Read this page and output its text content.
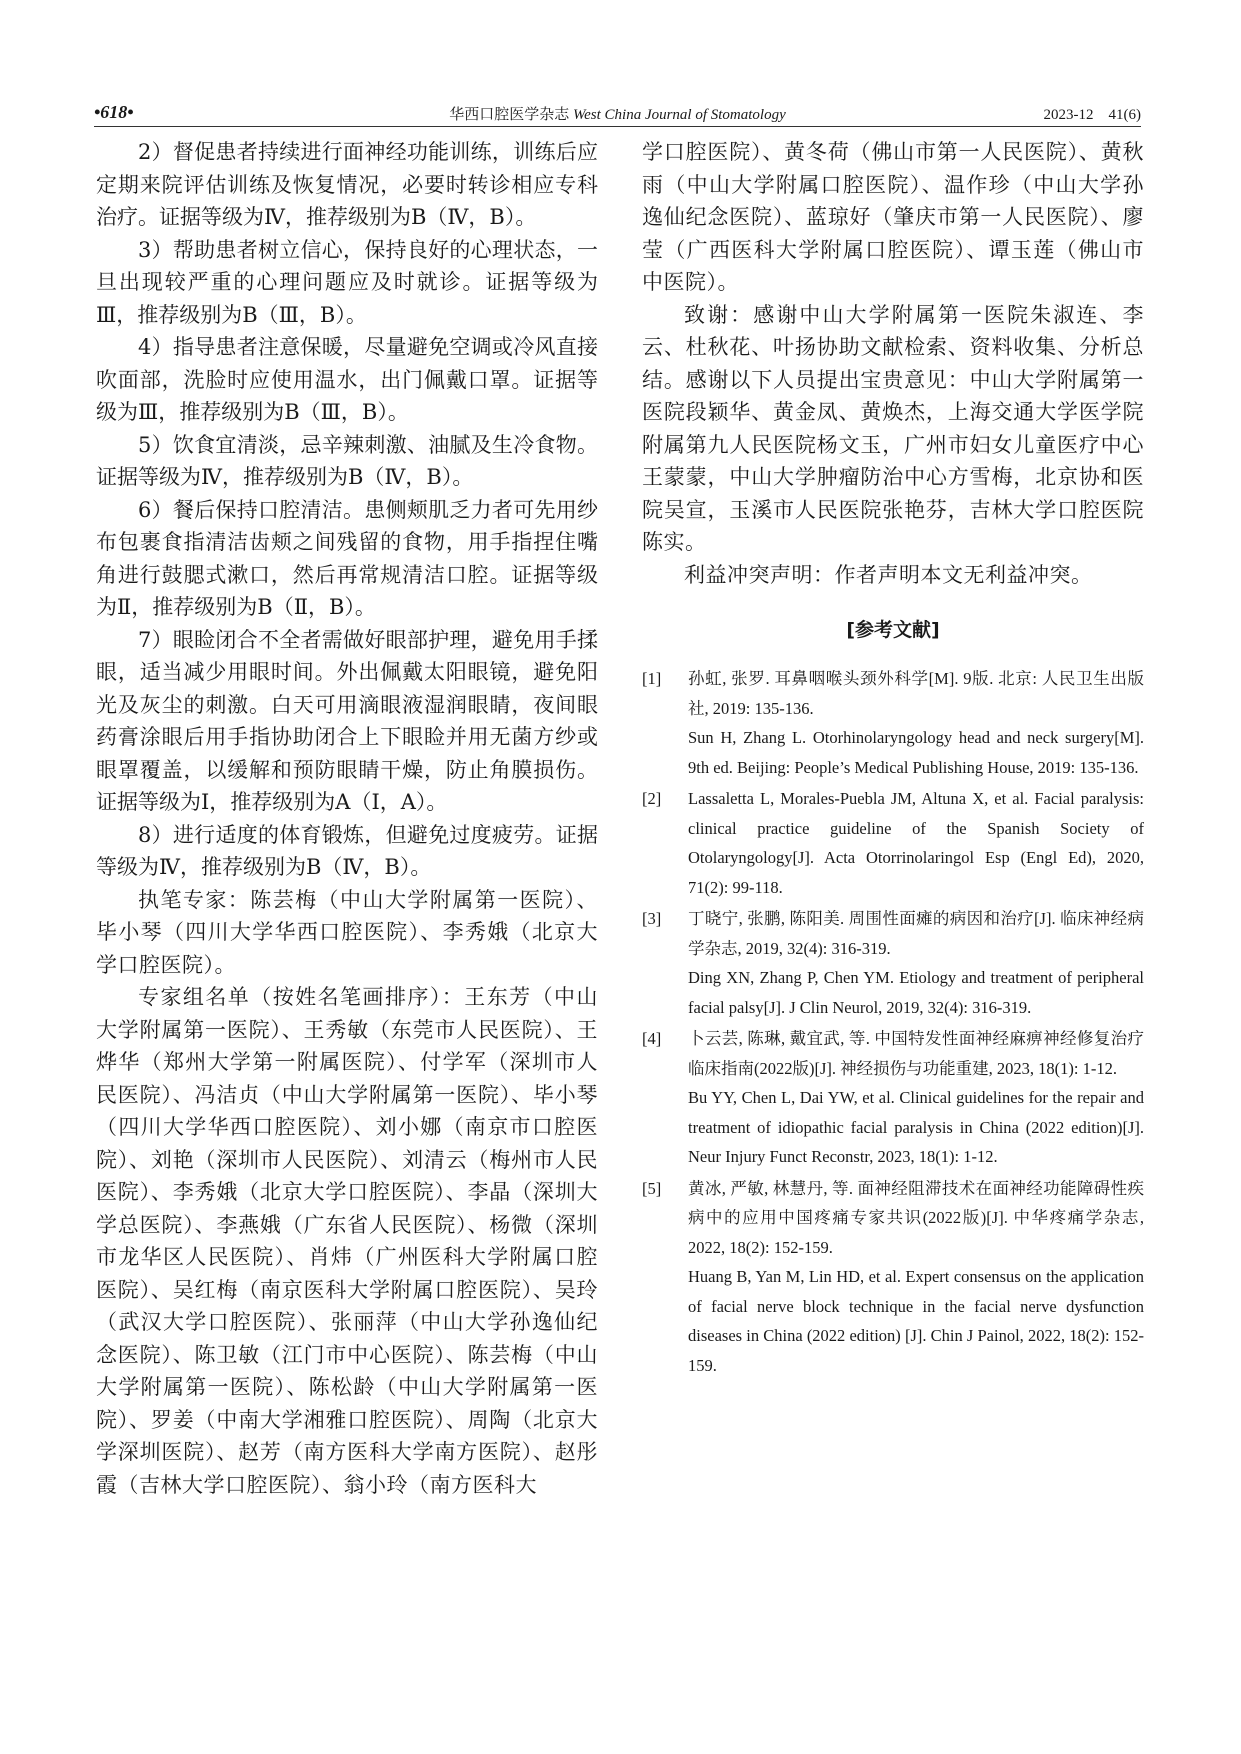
•618•	华西口腔医学杂志 West China Journal of Stomatology	2023-12　41(6)

2）督促患者持续进行面神经功能训练，训练后应定期来院评估训练及恢复情况，必要时转诊相应专科治疗。证据等级为Ⅳ，推荐级别为B（Ⅳ，B）。

3）帮助患者树立信心，保持良好的心理状态，一旦出现较严重的心理问题应及时就诊。证据等级为Ⅲ，推荐级别为B（Ⅲ，B）。

4）指导患者注意保暖，尽量避免空调或冷风直接吹面部，洗脸时应使用温水，出门佩戴口罩。证据等级为Ⅲ，推荐级别为B（Ⅲ，B）。

5）饮食宜清淡，忌辛辣刺激、油腻及生冷食物。证据等级为Ⅳ，推荐级别为B（Ⅳ，B）。

6）餐后保持口腔清洁。患侧颊肌乏力者可先用纱布包裹食指清洁齿颊之间残留的食物，用手指捏住嘴角进行鼓腮式漱口，然后再常规清洁口腔。证据等级为Ⅱ，推荐级别为B（Ⅱ，B）。

7）眼睑闭合不全者需做好眼部护理，避免用手揉眼，适当减少用眼时间。外出佩戴太阳眼镜，避免阳光及灰尘的刺激。白天可用滴眼液湿润眼睛，夜间眼药膏涂眼后用手指协助闭合上下眼睑并用无菌方纱或眼罩覆盖，以缓解和预防眼睛干燥，防止角膜损伤。证据等级为Ⅰ，推荐级别为A（Ⅰ，A）。

8）进行适度的体育锻炼，但避免过度疲劳。证据等级为Ⅳ，推荐级别为B（Ⅳ，B）。

执笔专家：陈芸梅（中山大学附属第一医院）、毕小琴（四川大学华西口腔医院）、李秀娥（北京大学口腔医院）。

专家组名单（按姓名笔画排序）：王东芳（中山大学附属第一医院）、王秀敏（东莞市人民医院）、王烨华（郑州大学第一附属医院）、付学军（深圳市人民医院）、冯洁贞（中山大学附属第一医院）、毕小琴（四川大学华西口腔医院）、刘小娜（南京市口腔医院）、刘艳（深圳市人民医院）、刘清云（梅州市人民医院）、李秀娥（北京大学口腔医院）、李晶（深圳大学总医院）、李燕娥（广东省人民医院）、杨微（深圳市龙华区人民医院）、肖炜（广州医科大学附属口腔医院）、吴红梅（南京医科大学附属口腔医院）、吴玲（武汉大学口腔医院）、张丽萍（中山大学孙逸仙纪念医院）、陈卫敏（江门市中心医院）、陈芸梅（中山大学附属第一医院）、陈松龄（中山大学附属第一医院）、罗姜（中南大学湘雅口腔医院）、周陶（北京大学深圳医院）、赵芳（南方医科大学南方医院）、赵彤霞（吉林大学口腔医院）、翁小玲（南方医科大

学口腔医院）、黄冬荷（佛山市第一人民医院）、黄秋雨（中山大学附属口腔医院）、温作珍（中山大学孙逸仙纪念医院）、蓝琼好（肇庆市第一人民医院）、廖莹（广西医科大学附属口腔医院）、谭玉莲（佛山市中医院）。

致谢：感谢中山大学附属第一医院朱淑连、李云、杜秋花、叶扬协助文献检索、资料收集、分析总结。感谢以下人员提出宝贵意见：中山大学附属第一医院段颖华、黄金凤、黄焕杰，上海交通大学医学院附属第九人民医院杨文玉，广州市妇女儿童医疗中心王蒙蒙，中山大学肿瘤防治中心方雪梅，北京协和医院吴宣，玉溪市人民医院张艳芬，吉林大学口腔医院陈实。

利益冲突声明：作者声明本文无利益冲突。

[参考文献]
[1] 孙虹, 张罗. 耳鼻咽喉头颈外科学[M]. 9版. 北京: 人民卫生出版社, 2019: 135-136.
Sun H, Zhang L. Otorhinolaryngology head and neck surgery[M]. 9th ed. Beijing: People’s Medical Publishing House, 2019: 135-136.
[2] Lassaletta L, Morales-Puebla JM, Altuna X, et al. Facial paralysis: clinical practice guideline of the Spanish Society of Otolaryngology[J]. Acta Otorrinolaringol Esp (Engl Ed), 2020, 71(2): 99-118.
[3] 丁晓宁, 张鹏, 陈阳美. 周围性面瘫的病因和治疗[J]. 临床神经病学杂志, 2019, 32(4): 316-319.
Ding XN, Zhang P, Chen YM. Etiology and treatment of peripheral facial palsy[J]. J Clin Neurol, 2019, 32(4): 316-319.
[4] 卜云芸, 陈琳, 戴宜武, 等. 中国特发性面神经麻痹神经修复治疗临床指南(2022版)[J]. 神经损伤与功能重建, 2023, 18(1): 1-12.
Bu YY, Chen L, Dai YW, et al. Clinical guidelines for the repair and treatment of idiopathic facial paralysis in China (2022 edition)[J]. Neur Injury Funct Reconstr, 2023, 18(1): 1-12.
[5] 黄冰, 严敏, 林慧丹, 等. 面神经阻滞技术在面神经功能障碍性疾病中的应用中国疼痛专家共识(2022版)[J]. 中华疼痛学杂志, 2022, 18(2): 152-159.
Huang B, Yan M, Lin HD, et al. Expert consensus on the application of facial nerve block technique in the facial nerve dysfunction diseases in China (2022 edition) [J]. Chin J Painol, 2022, 18(2): 152-159.
